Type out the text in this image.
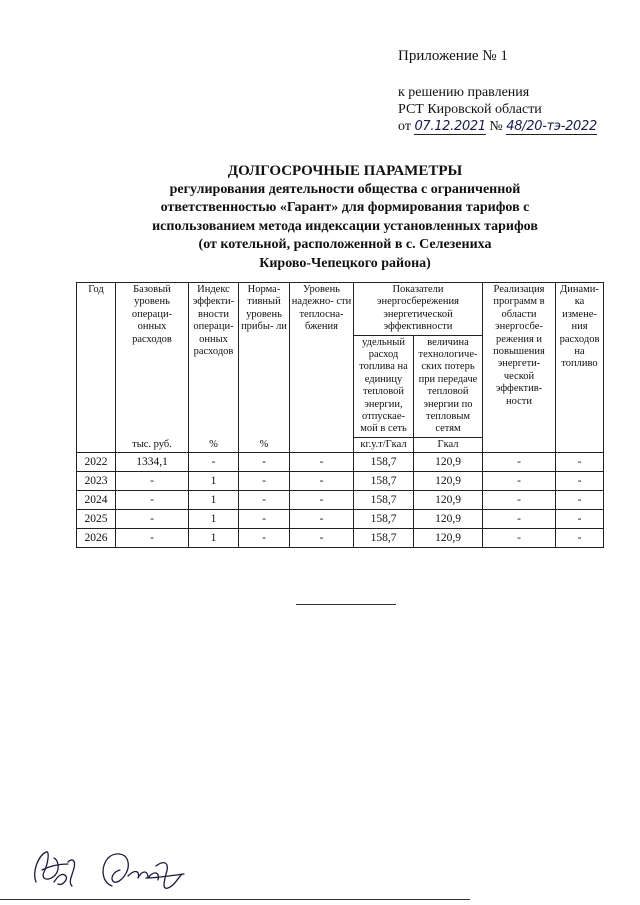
Приложение № 1
к решению правления
РСТ Кировской области
от 07.12.2021 № 48/20-тэ-2022
ДОЛГОСРОЧНЫЕ ПАРАМЕТРЫ
регулирования деятельности общества с ограниченной
ответственностью «Гарант» для формирования тарифов с
использованием метода индексации установленных тарифов
(от котельной, расположенной в с. Селезениха
Кирово-Чепецкого района)
Год	Базовый уровень операци- онных расходов	Индекс эффекти- вности операци- онных расходов	Норма- тивный уровень прибы- ли	Уровень надежно- сти теплосна- бжения	Показатели энергосбережения энергетической эффективности		Реализация программ в области энергосбе- режения и повышения энергети- ческой эффектив- ности	Динами- ка измене- ния расходов на топливо
					удельный расход топлива на единицу тепловой энергии, отпускае- мой в сеть	величина технологиче- ских потерь при передаче тепловой энергии по тепловым сетям		
	тыс. руб.	%	%		кг.у.т/Гкал	Гкал		
2022	1334,1	-	-	-	158,7	120,9	-	-
2023	-	1	-	-	158,7	120,9	-	-
2024	-	1	-	-	158,7	120,9	-	-
2025	-	1	-	-	158,7	120,9	-	-
2026	-	1	-	-	158,7	120,9	-	-
